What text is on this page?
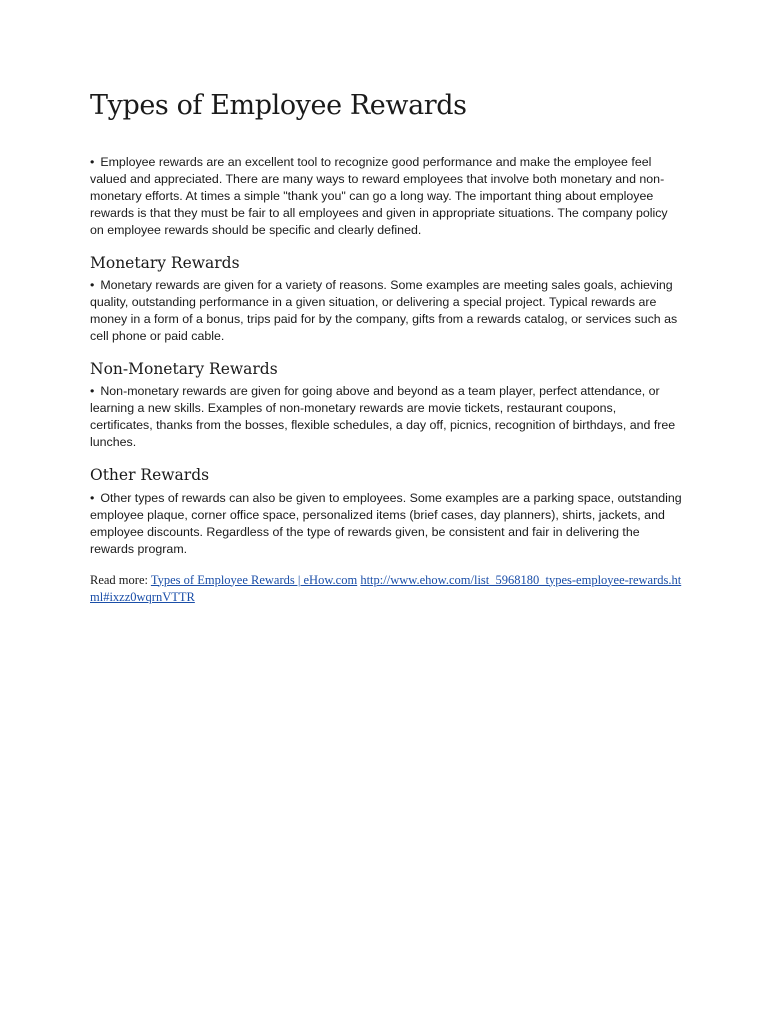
Types of Employee Rewards

• Employee rewards are an excellent tool to recognize good performance and make the employee feel valued and appreciated. There are many ways to reward employees that involve both monetary and non-monetary efforts. At times a simple "thank you" can go a long way. The important thing about employee rewards is that they must be fair to all employees and given in appropriate situations. The company policy on employee rewards should be specific and clearly defined.

Monetary Rewards

• Monetary rewards are given for a variety of reasons. Some examples are meeting sales goals, achieving quality, outstanding performance in a given situation, or delivering a special project. Typical rewards are money in a form of a bonus, trips paid for by the company, gifts from a rewards catalog, or services such as cell phone or paid cable.

Non-Monetary Rewards

• Non-monetary rewards are given for going above and beyond as a team player, perfect attendance, or learning a new skills. Examples of non-monetary rewards are movie tickets, restaurant coupons, certificates, thanks from the bosses, flexible schedules, a day off, picnics, recognition of birthdays, and free lunches.

Other Rewards

• Other types of rewards can also be given to employees. Some examples are a parking space, outstanding employee plaque, corner office space, personalized items (brief cases, day planners), shirts, jackets, and employee discounts. Regardless of the type of rewards given, be consistent and fair in delivering the rewards program.

Read more: Types of Employee Rewards | eHow.com http://www.ehow.com/list_5968180_types-employee-rewards.html#ixzz0wqrnVTTR
